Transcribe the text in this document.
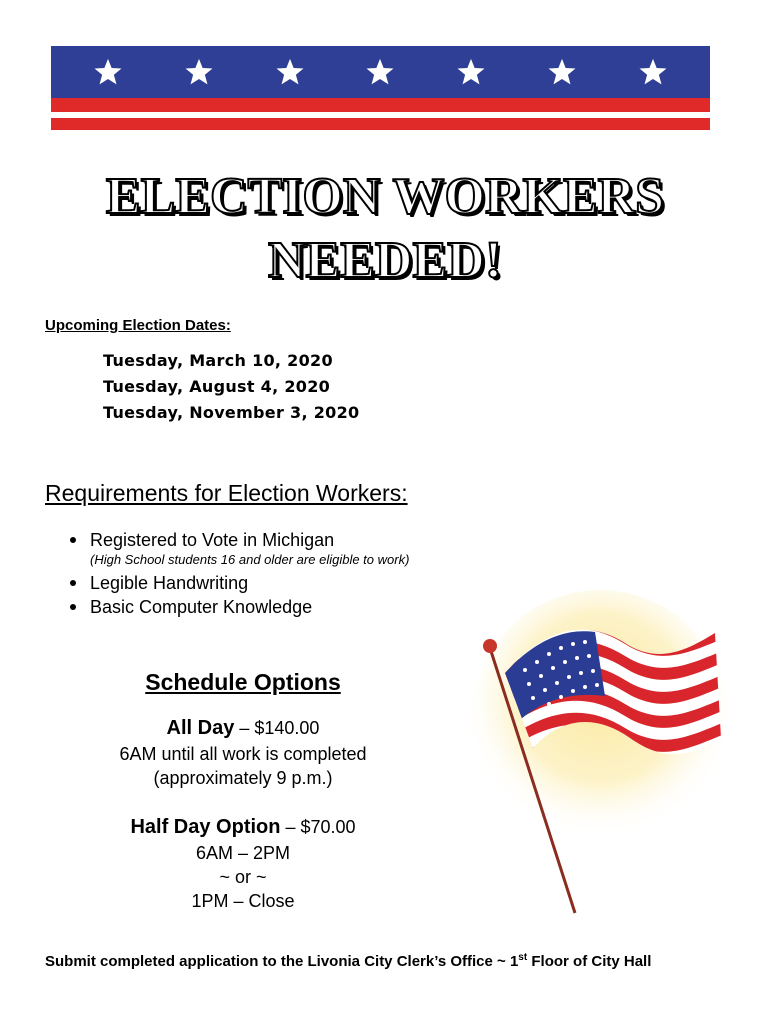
ELECTION WORKERS
NEEDED!
Upcoming Election Dates:
Tuesday, March 10, 2020
Tuesday, August 4, 2020
Tuesday, November 3, 2020
Requirements for Election Workers:
Registered to Vote in Michigan
(High School students 16 and older are eligible to work)
Legible Handwriting
Basic Computer Knowledge
Schedule Options
All Day – $140.00
6AM until all work is completed
(approximately 9 p.m.)
Half Day Option – $70.00
6AM – 2PM
~ or ~
1PM – Close
Submit completed application to the Livonia City Clerk’s Office ~ 1st Floor of City Hall
